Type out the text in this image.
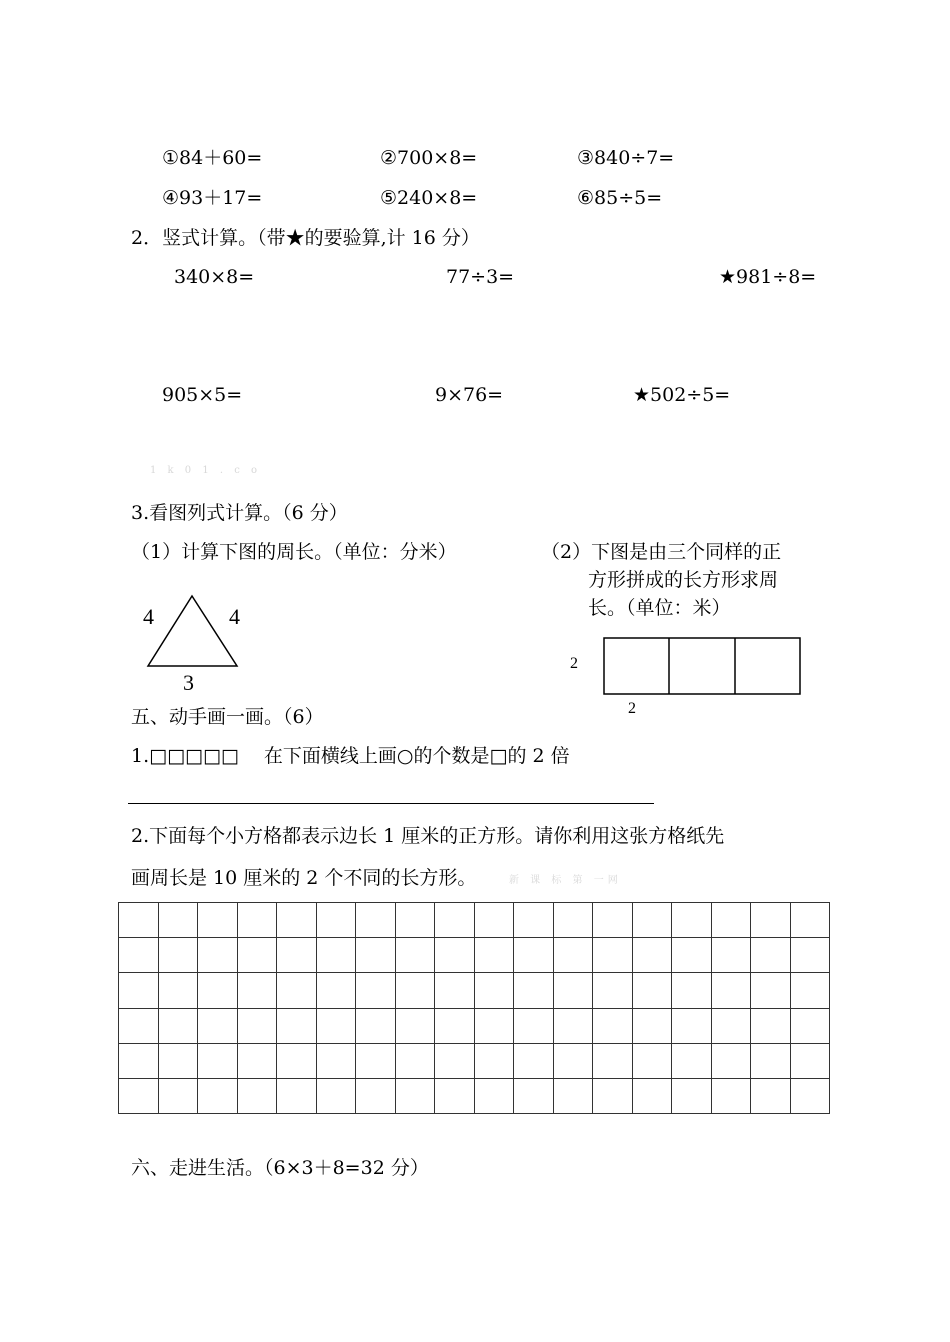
①84＋60=	②700×8=	③840÷7=
④93＋17=	⑤240×8=	⑥85÷5=
2．竖式计算。（带★的要验算,计 16 分）
340×8=	77÷3=	★981÷8=
905×5=	9×76=	★502÷5=
1 k 0 1 . c o
3.看图列式计算。（6 分）
（1）计算下图的周长。（单位：分米）	（2）下图是由三个同样的正
方形拼成的长方形求周
长。（单位：米）
4	4
3
2
2
五、动手画一画。（6）
1.□□□□□　 在下面横线上画○的个数是□的 2 倍
2.下面每个小方格都表示边长 1 厘米的正方形。请你利用这张方格纸先
画周长是 10 厘米的 2 个不同的长方形。	新 课 标 第 一网

六、走进生活。（6×3＋8=32 分）
